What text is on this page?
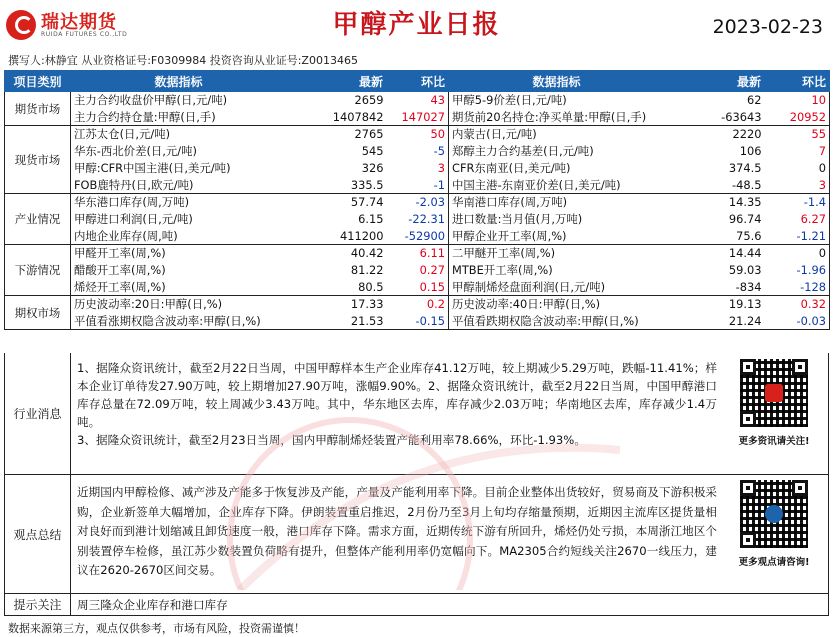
瑞达期货
RUIDA FUTURES CO.,LTD	甲醇产业日报	2023-02-23
撰写人:林静宜 从业资格证号:F0309984 投资咨询从业证号:Z0013465
项目类别	数据指标	最新	环比	数据指标	最新	环比
期货市场	主力合约收盘价甲醇(日,元/吨)	2659	43	甲醇5-9价差(日,元/吨)	62	10
	主力合约持仓量:甲醇(日,手)	1407842	147027	期货前20名持仓:净买单量:甲醇(日,手)	-63643	20952
现货市场	江苏太仓(日,元/吨)	2765	50	内蒙古(日,元/吨)	2220	55
	华东-西北价差(日,元/吨)	545	-5	郑醇主力合约基差(日,元/吨)	106	7
	甲醇:CFR中国主港(日,美元/吨)	326	3	CFR东南亚(日,美元/吨)	374.5	0
	FOB鹿特丹(日,欧元/吨)	335.5	-1	中国主港-东南亚价差(日,美元/吨)	-48.5	3
产业情况	华东港口库存(周,万吨)	57.74	-2.03	华南港口库存(周,万吨)	14.35	-1.4
	甲醇进口利润(日,元/吨)	6.15	-22.31	进口数量:当月值(月,万吨)	96.74	6.27
	内地企业库存(周,吨)	411200	-52900	甲醇企业开工率(周,%)	75.6	-1.21
下游情况	甲醛开工率(周,%)	40.42	6.11	二甲醚开工率(周,%)	14.44	0
	醋酸开工率(周,%)	81.22	0.27	MTBE开工率(周,%)	59.03	-1.96
	烯烃开工率(周,%)	80.5	0.15	甲醇制烯烃盘面利润(日,元/吨)	-834	-128
期权市场	历史波动率:20日:甲醇(日,%)	17.33	0.2	历史波动率:40日:甲醇(日,%)	19.13	0.32
	平值看涨期权隐含波动率:甲醇(日,%)	21.53	-0.15	平值看跌期权隐含波动率:甲醇(日,%)	21.24	-0.03
行业消息
1、据隆众资讯统计，截至2月22日当周，中国甲醇样本生产企业库存41.12万吨，较上期减少5.29万吨，跌幅-11.41%；样本企业订单待发27.90万吨，较上期增加27.90万吨，涨幅9.90%。2、据隆众资讯统计，截至2月22日当周，中国甲醇港口库存总量在72.09万吨，较上周减少3.43万吨。其中，华东地区去库，库存减少2.03万吨；华南地区去库，库存减少1.4万吨。
3、据隆众资讯统计，截至2月23日当周，国内甲醇制烯烃装置产能利用率78.66%，环比-1.93%。	更多资讯请关注!
观点总结
近期国内甲醇检修、减产涉及产能多于恢复涉及产能，产量及产能利用率下降。目前企业整体出货较好，贸易商及下游积极采购，企业新签单大幅增加，企业库存下降。伊朗装置重启推迟，2月份乃至3月上旬均存缩量预期，近期因主流库区提货量相对良好而到港计划缩减且卸货速度一般，港口库存下降。需求方面，近期传统下游有所回升，烯烃仍处亏损，本周浙江地区个别装置停车检修，虽江苏少数装置负荷略有提升，但整体产能利用率仍宽幅向下。MA2305合约短线关注2670一线压力，建议在2620-2670区间交易。
更多观点请咨询!
提示关注	周三隆众企业库存和港口库存
数据来源第三方，观点仅供参考，市场有风险，投资需谨慎！
